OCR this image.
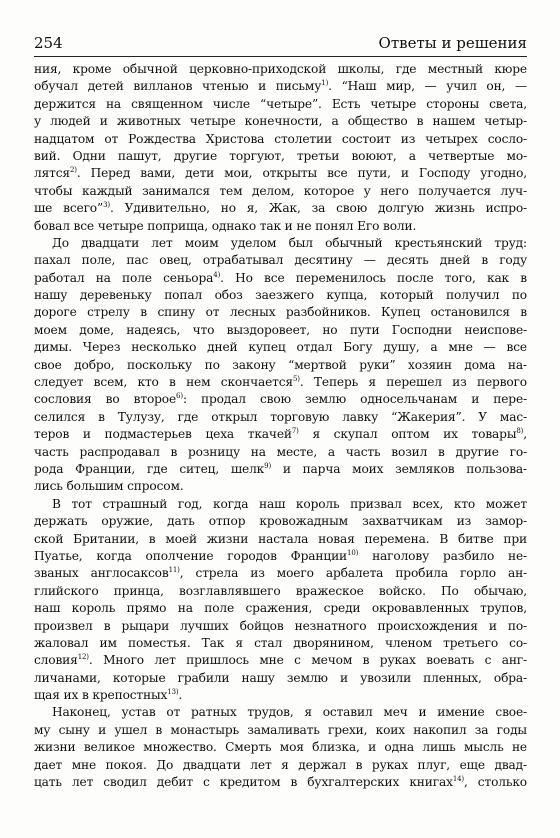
254	Ответы и решения
ния, кроме обычной церковно-приходской школы, где местный кюре
обучал детей вилланов чтенью и письму$^{1)}$. “Наш мир, — учил он, —
держится на священном числе “четыре”. Есть четыре стороны света,
у людей и животных четыре конечности, а общество в нашем четыр-
надцатом от Рождества Христова столетии состоит из четырех сосло-
вий. Одни пашут, другие торгуют, третьи воюют, а четвертые мо-
лятся$^{2)}$. Перед вами, дети мои, открыты все пути, и Господу угодно,
чтобы каждый занимался тем делом, которое у него получается луч-
ше всего”$^{3)}$. Удивительно, но я, Жак, за свою долгую жизнь испро-
бовал все четыре поприща, однако так и не понял Его воли.
До двадцати лет моим уделом был обычный крестьянский труд:
пахал поле, пас овец, отрабатывал десятину — десять дней в году
работал на поле сеньора$^{4)}$. Но все переменилось после того, как в
нашу деревеньку попал обоз заезжего купца, который получил по
дороге стрелу в спину от лесных разбойников. Купец остановился в
моем доме, надеясь, что выздоровеет, но пути Господни неиспове-
димы. Через несколько дней купец отдал Богу душу, а мне — все
свое добро, поскольку по закону “мертвой руки” хозяин дома на-
следует всем, кто в нем скончается$^{5)}$. Теперь я перешел из первого
сословия во второе$^{6)}$: продал свою землю односельчанам и пере-
селился в Тулузу, где открыл торговую лавку “Жакерия”. У мас-
теров и подмастерьев цеха ткачей$^{7)}$ я скупал оптом их товары$^{8)}$,
часть распродавал в розницу на месте, а часть возил в другие го-
рода Франции, где ситец, шелк$^{9)}$ и парча моих земляков пользова-
лись большим спросом.
В тот страшный год, когда наш король призвал всех, кто может
держать оружие, дать отпор кровожадным захватчикам из замор-
ской Британии, в моей жизни настала новая перемена. В битве при
Пуатье, когда ополчение городов Франции$^{10)}$ наголову разбило не-
званых англосаксов$^{11)}$, стрела из моего арбалета пробила горло ан-
глийского принца, возглавлявшего вражеское войско. По обычаю,
наш король прямо на поле сражения, среди окровавленных трупов,
произвел в рыцари лучших бойцов незнатного происхождения и по-
жаловал им поместья. Так я стал дворянином, членом третьего со-
словия$^{12)}$. Много лет пришлось мне с мечом в руках воевать с анг-
личанами, которые грабили нашу землю и увозили пленных, обра-
щая их в крепостных$^{13)}$.
Наконец, устав от ратных трудов, я оставил меч и имение свое-
му сыну и ушел в монастырь замаливать грехи, коих накопил за годы
жизни великое множество. Смерть моя близка, и одна лишь мысль не
дает мне покоя. До двадцати лет я держал в руках плуг, еще двад-
цать лет сводил дебит с кредитом в бухгалтерских книгах$^{14)}$, столько
